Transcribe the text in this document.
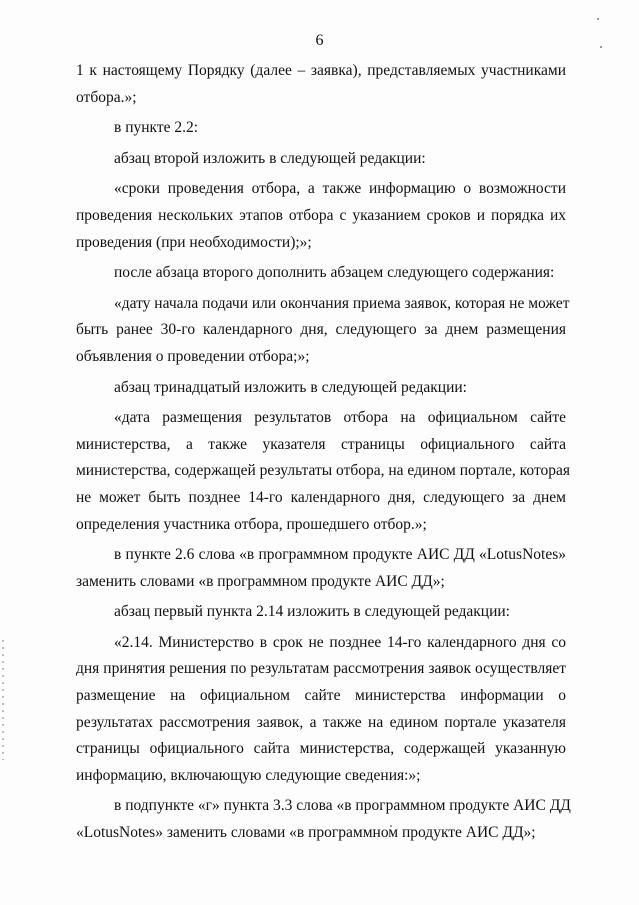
6
1 к настоящему Порядку (далее – заявка), представляемых участниками
отбора.»;
в пункте 2.2:
абзац второй изложить в следующей редакции:
«сроки проведения отбора, а также информацию о возможности
проведения нескольких этапов отбора с указанием сроков и порядка их
проведения (при необходимости);»;
после абзаца второго дополнить абзацем следующего содержания:
«дату начала подачи или окончания приема заявок, которая не может
быть ранее 30-го календарного дня, следующего за днем размещения
объявления о проведении отбора;»;
абзац тринадцатый изложить в следующей редакции:
«дата размещения результатов отбора на официальном сайте
министерства, а также указателя страницы официального сайта
министерства, содержащей результаты отбора, на едином портале, которая
не может быть позднее 14-го календарного дня, следующего за днем
определения участника отбора, прошедшего отбор.»;
в пункте 2.6 слова «в программном продукте АИС ДД «LotusNotes»
заменить словами «в программном продукте АИС ДД»;
абзац первый пункта 2.14 изложить в следующей редакции:
«2.14. Министерство в срок не позднее 14-го календарного дня со
дня принятия решения по результатам рассмотрения заявок осуществляет
размещение на официальном сайте министерства информации о
результатах рассмотрения заявок, а также на едином портале указателя
страницы официального сайта министерства, содержащей указанную
информацию, включающую следующие сведения:»;
в подпункте «г» пункта 3.3 слова «в программном продукте АИС ДД
«LotusNotes» заменить словами «в программном продукте АИС ДД»;
